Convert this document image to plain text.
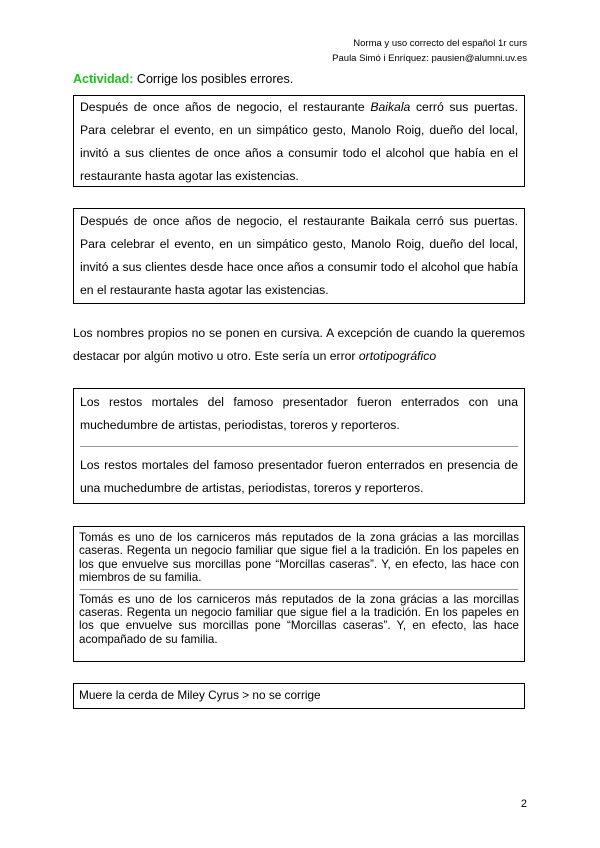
Norma y uso correcto del español 1r curs
Paula Simó i Enríquez: pausien@alumni.uv.es
Actividad: Corrige los posibles errores.
Después de once años de negocio, el restaurante Baikala cerró sus puertas. Para celebrar el evento, en un simpático gesto, Manolo Roig, dueño del local, invitó a sus clientes de once años a consumir todo el alcohol que había en el restaurante hasta agotar las existencias.
Después de once años de negocio, el restaurante Baikala cerró sus puertas. Para celebrar el evento, en un simpático gesto, Manolo Roig, dueño del local, invitó a sus clientes desde hace once años a consumir todo el alcohol que había en el restaurante hasta agotar las existencias.
Los nombres propios no se ponen en cursiva. A excepción de cuando la queremos destacar por algún motivo u otro. Este sería un error ortotipográfico
Los restos mortales del famoso presentador fueron enterrados con una muchedumbre de artistas, periodistas, toreros y reporteros.
Los restos mortales del famoso presentador fueron enterrados en presencia de una muchedumbre de artistas, periodistas, toreros y reporteros.
Tomás es uno de los carniceros más reputados de la zona grácias a las morcillas caseras. Regenta un negocio familiar que sigue fiel a la tradición. En los papeles en los que envuelve sus morcillas pone “Morcillas caseras”. Y, en efecto, las hace con miembros de su familia.
Tomás es uno de los carniceros más reputados de la zona grácias a las morcillas caseras. Regenta un negocio familiar que sigue fiel a la tradición. En los papeles en los que envuelve sus morcillas pone “Morcillas caseras”. Y, en efecto, las hace acompañado de su familia.
Muere la cerda de Miley Cyrus > no se corrige
2
